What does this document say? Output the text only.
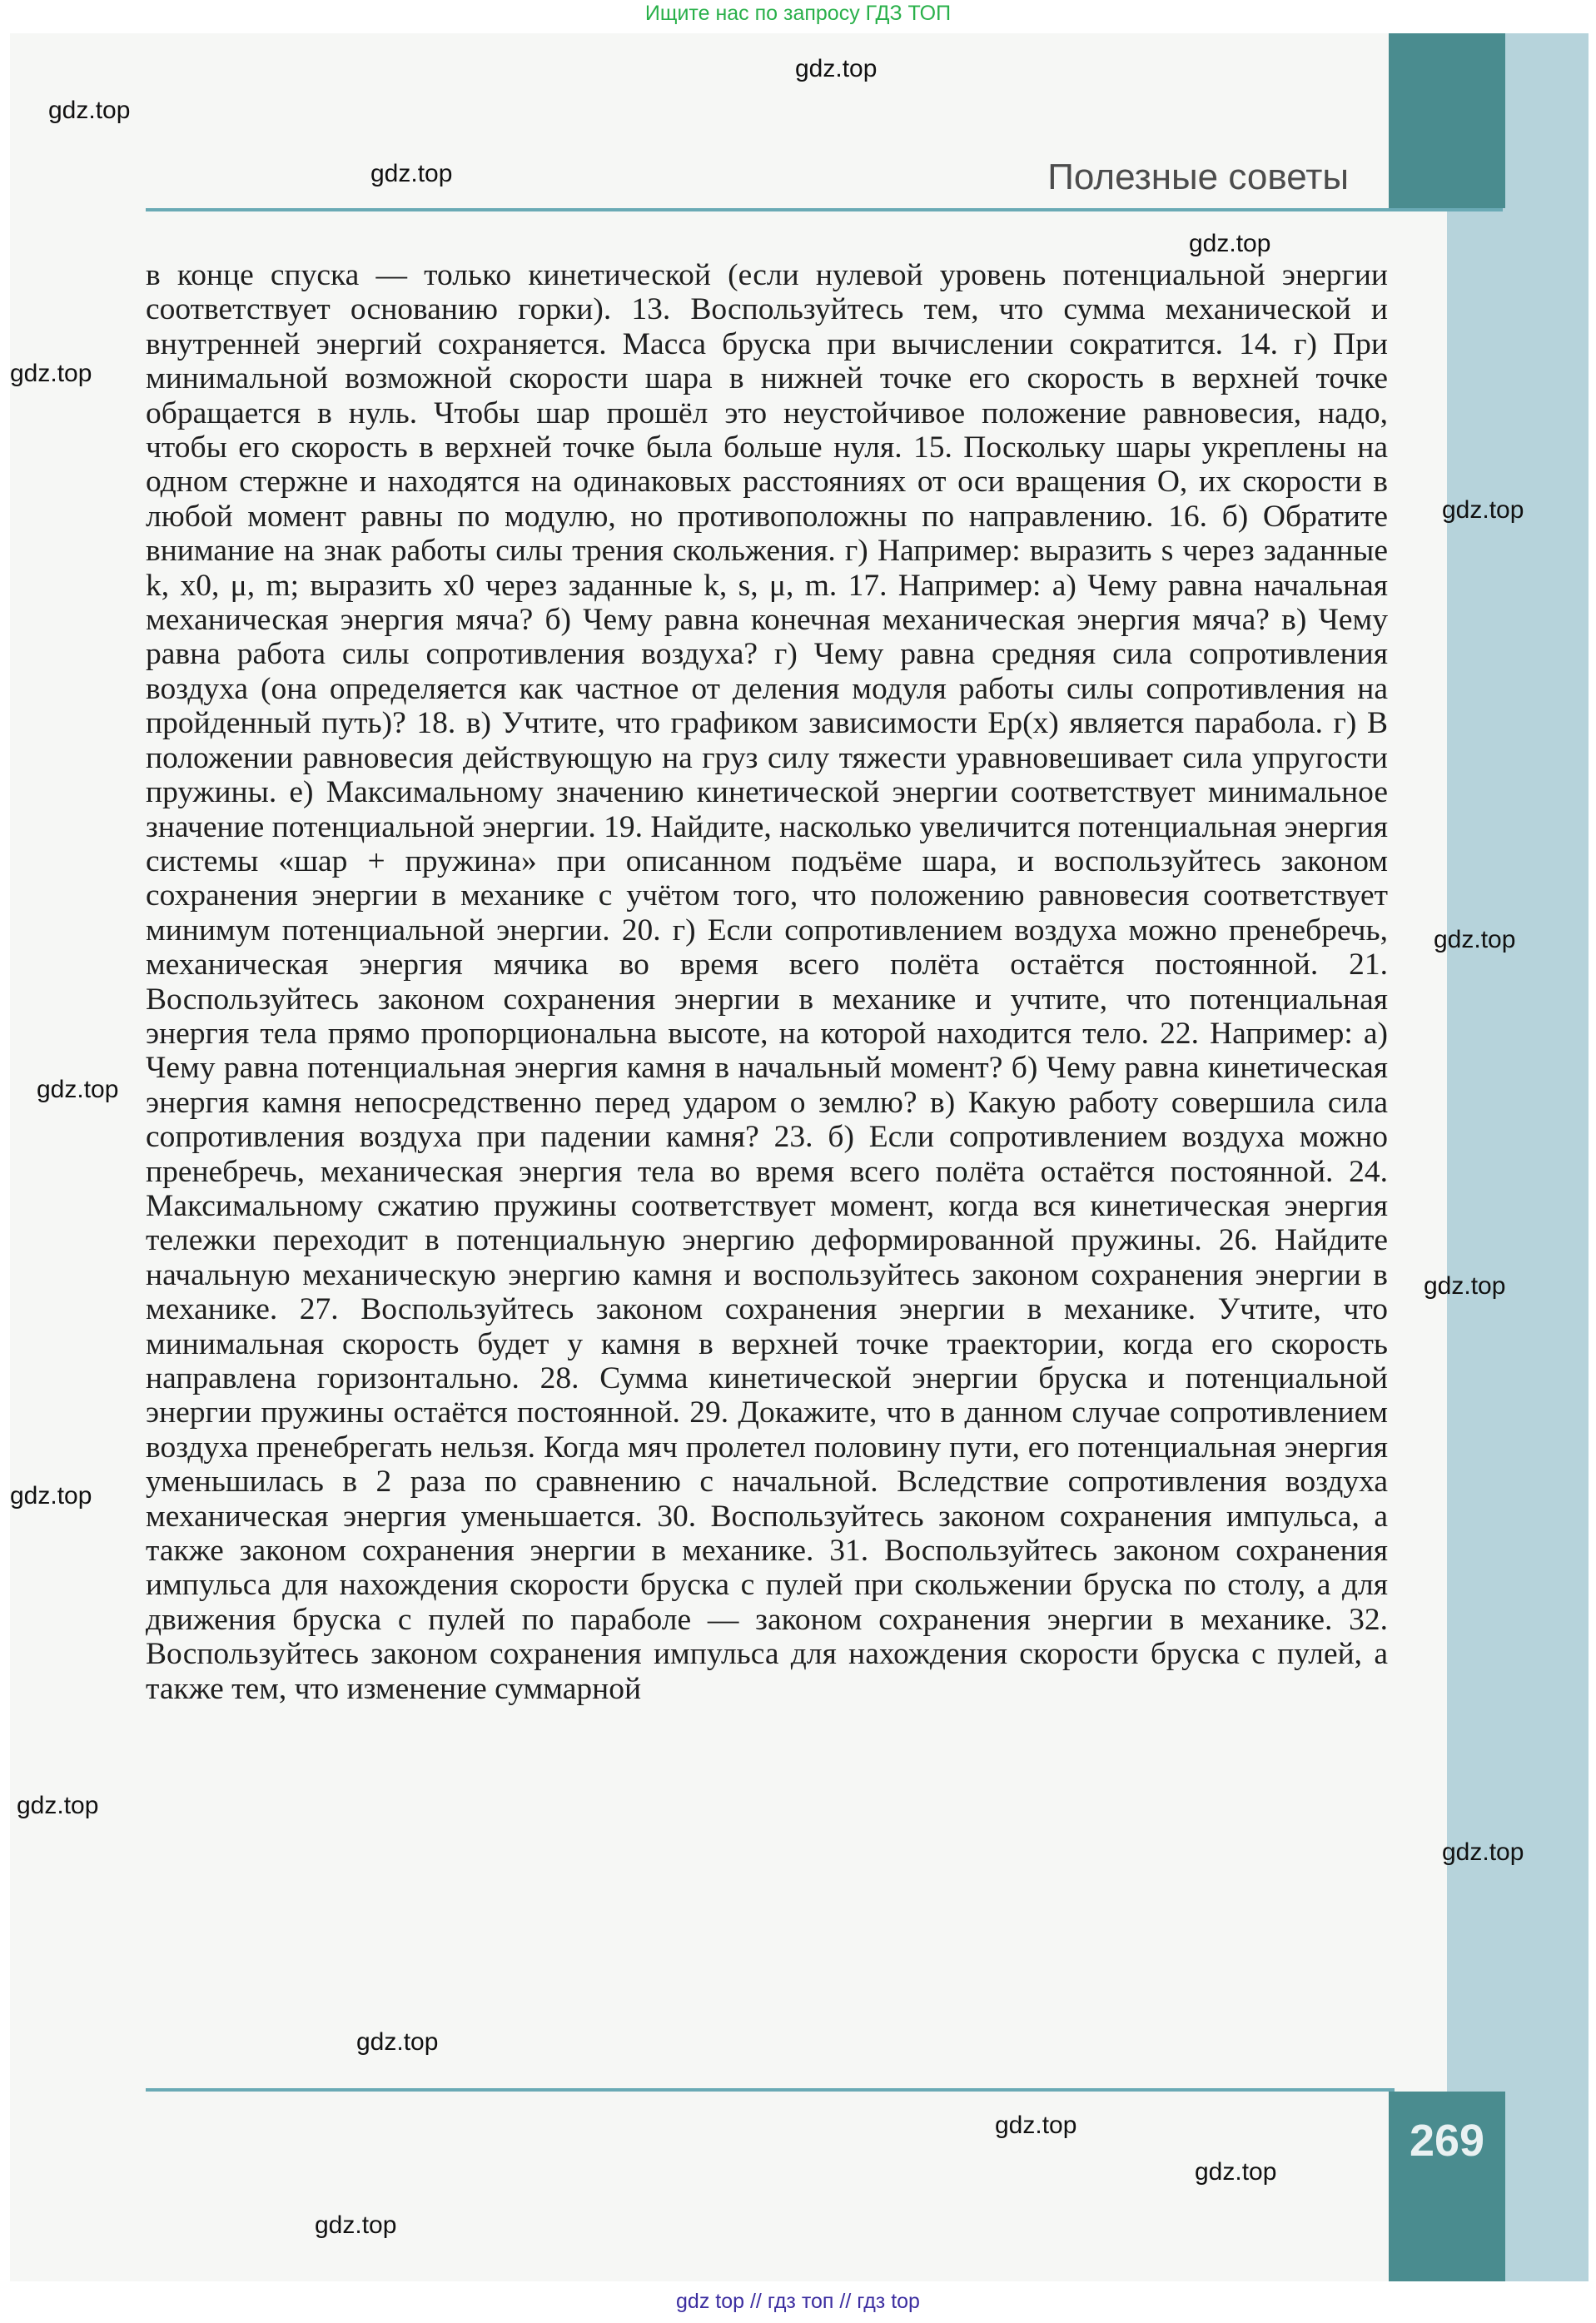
Ищите нас по запросу ГДЗ ТОП
Полезные советы

в конце спуска — только кинетической (если нулевой уровень потенциальной энергии соответствует основанию горки). 13. Воспользуйтесь тем, что сумма механической и внутренней энергий сохраняется. Масса бруска при вычислении сократится. 14. г) При минимальной возможной скорости шара в нижней точке его скорость в верхней точке обращается в нуль. Чтобы шар прошёл это неустойчивое положение равновесия, надо, чтобы его скорость в верхней точке была больше нуля. 15. Поскольку шары укреплены на одном стержне и находятся на одинаковых расстояниях от оси вращения O, их скорости в любой момент равны по модулю, но противоположны по направлению. 16. б) Обратите внимание на знак работы силы трения скольжения. г) Например: выразить s через заданные k, x0, μ, m; выразить x0 через заданные k, s, μ, m. 17. Например: а) Чему равна начальная механическая энергия мяча? б) Чему равна конечная механическая энергия мяча? в) Чему равна работа силы сопротивления воздуха? г) Чему равна средняя сила сопротивления воздуха (она определяется как частное от деления модуля работы силы сопротивления на пройденный путь)? 18. в) Учтите, что графиком зависимости Ep(x) является парабола. г) В положении равновесия действующую на груз силу тяжести уравновешивает сила упругости пружины. е) Максимальному значению кинетической энергии соответствует минимальное значение потенциальной энергии. 19. Найдите, насколько увеличится потенциальная энергия системы «шар + пружина» при описанном подъёме шара, и воспользуйтесь законом сохранения энергии в механике с учётом того, что положению равновесия соответствует минимум потенциальной энергии. 20. г) Если сопротивлением воздуха можно пренебречь, механическая энергия мячика во время всего полёта остаётся постоянной. 21. Воспользуйтесь законом сохранения энергии в механике и учтите, что потенциальная энергия тела прямо пропорциональна высоте, на которой находится тело. 22. Например: а) Чему равна потенциальная энергия камня в начальный момент? б) Чему равна кинетическая энергия камня непосредственно перед ударом о землю? в) Какую работу совершила сила сопротивления воздуха при падении камня? 23. б) Если сопротивлением воздуха можно пренебречь, механическая энергия тела во время всего полёта остаётся постоянной. 24. Максимальному сжатию пружины соответствует момент, когда вся кинетическая энергия тележки переходит в потенциальную энергию деформированной пружины. 26. Найдите начальную механическую энергию камня и воспользуйтесь законом сохранения энергии в механике. 27. Воспользуйтесь законом сохранения энергии в механике. Учтите, что минимальная скорость будет у камня в верхней точке траектории, когда его скорость направлена горизонтально. 28. Сумма кинетической энергии бруска и потенциальной энергии пружины остаётся постоянной. 29. Докажите, что в данном случае сопротивлением воздуха пренебрегать нельзя. Когда мяч пролетел половину пути, его потенциальная энергия уменьшилась в 2 раза по сравнению с начальной. Вследствие сопротивления воздуха механическая энергия уменьшается. 30. Воспользуйтесь законом сохранения импульса, а также законом сохранения энергии в механике. 31. Воспользуйтесь законом сохранения импульса для нахождения скорости бруска с пулей при скольжении бруска по столу, а для движения бруска с пулей по параболе — законом сохранения энергии в механике. 32. Воспользуйтесь законом сохранения импульса для нахождения скорости бруска с пулей, а также тем, что изменение суммарной

269
gdz.top
gdz.top
gdz.top
gdz.top
gdz.top
gdz.top
gdz.top
gdz.top
gdz.top
gdz.top
gdz.top
gdz.top
gdz.top
gdz.top
gdz.top
gdz.top
gdz top // гдз топ // гдз top
